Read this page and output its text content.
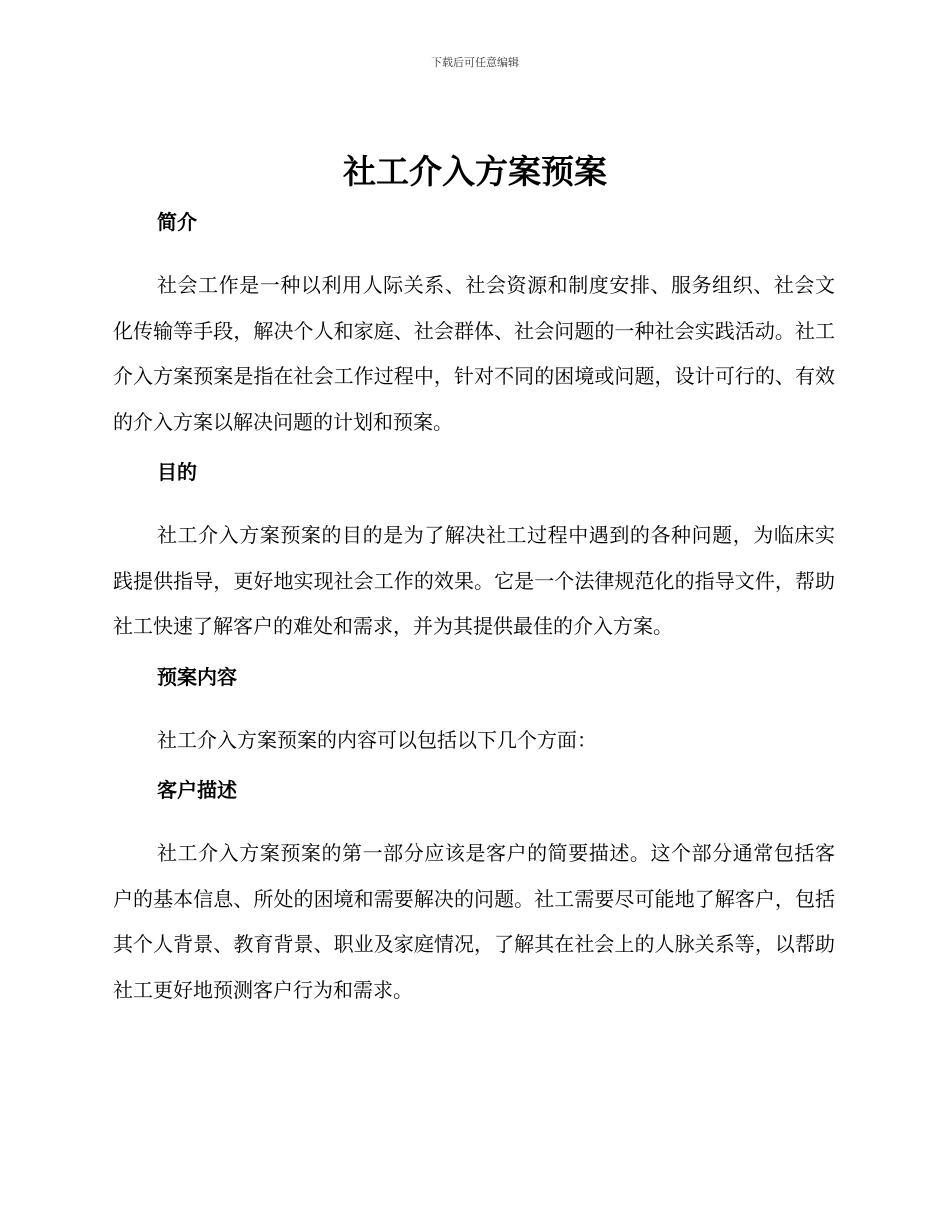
下载后可任意编辑
社工介入方案预案
简介

社会工作是一种以利用人际关系、社会资源和制度安排、服务组织、社会文化传输等手段，解决个人和家庭、社会群体、社会问题的一种社会实践活动。社工介入方案预案是指在社会工作过程中，针对不同的困境或问题，设计可行的、有效的介入方案以解决问题的计划和预案。

目的

社工介入方案预案的目的是为了解决社工过程中遇到的各种问题，为临床实践提供指导，更好地实现社会工作的效果。它是一个法律规范化的指导文件，帮助社工快速了解客户的难处和需求，并为其提供最佳的介入方案。

预案内容

社工介入方案预案的内容可以包括以下几个方面：

客户描述

社工介入方案预案的第一部分应该是客户的简要描述。这个部分通常包括客户的基本信息、所处的困境和需要解决的问题。社工需要尽可能地了解客户，包括其个人背景、教育背景、职业及家庭情况，了解其在社会上的人脉关系等，以帮助社工更好地预测客户行为和需求。
